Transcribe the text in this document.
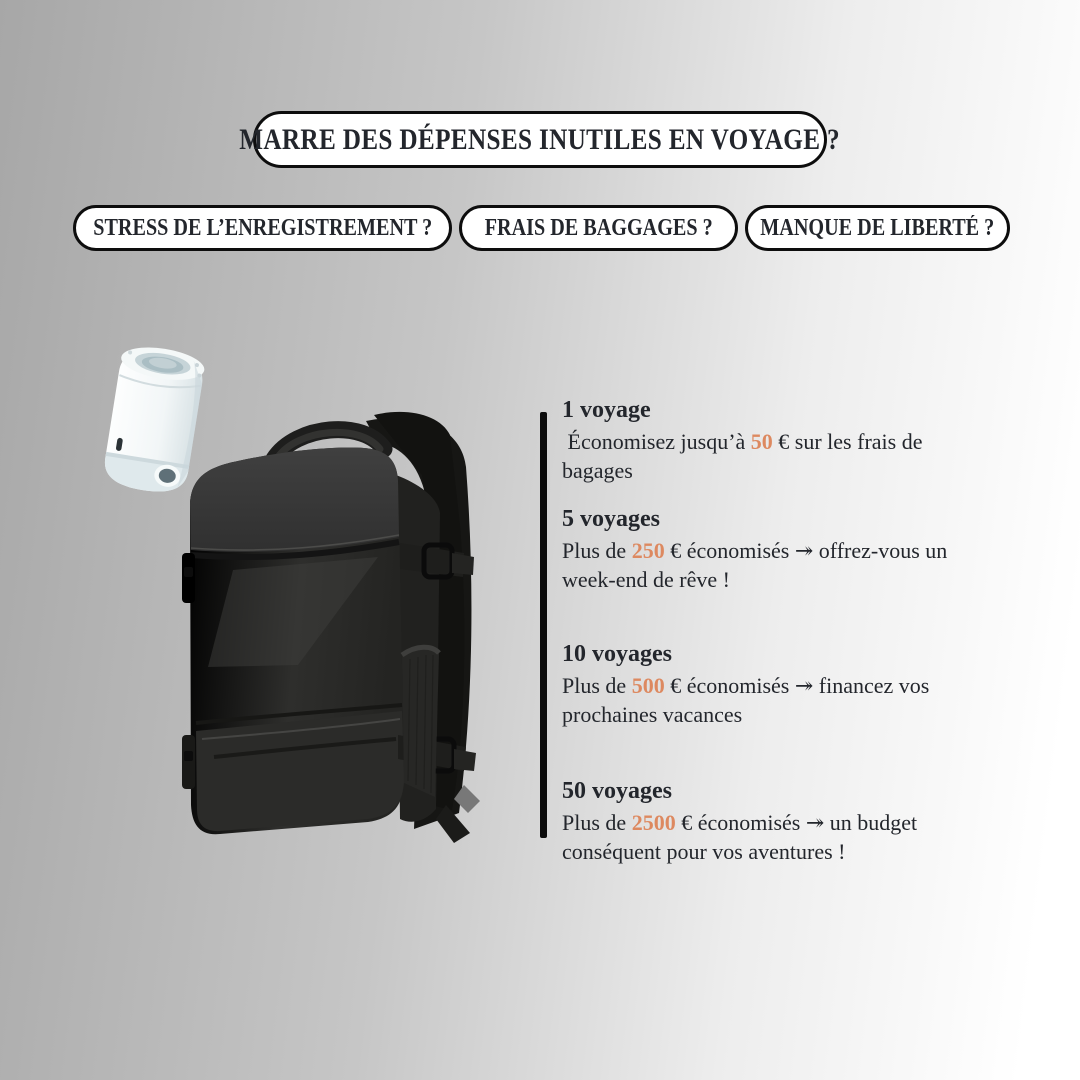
MARRE DES DÉPENSES INUTILES EN VOYAGE ?
STRESS DE L’ENREGISTREMENT ? FRAIS DE BAGGAGES ? MANQUE DE LIBERTÉ ?
1 voyage

Économisez jusqu’à 50 € sur les frais de bagages

5 voyages

Plus de 250 € économisés ↠ offrez-vous un week-end de rêve !

10 voyages

Plus de 500 € économisés ↠ financez vos prochaines vacances

50 voyages

Plus de 2500 € économisés ↠ un budget conséquent pour vos aventures !
